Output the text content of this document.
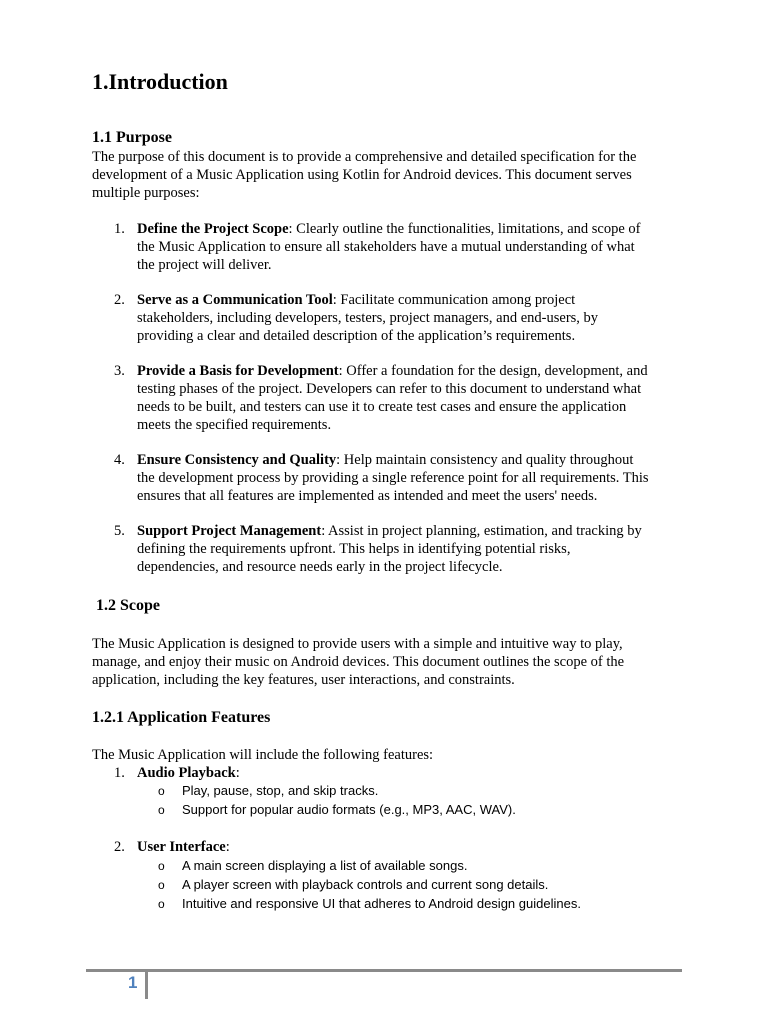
1.Introduction
1.1 Purpose
The purpose of this document is to provide a comprehensive and detailed specification for the
development of a Music Application using Kotlin for Android devices. This document serves
multiple purposes:
1. Define the Project Scope: Clearly outline the functionalities, limitations, and scope of
the Music Application to ensure all stakeholders have a mutual understanding of what
the project will deliver.
2. Serve as a Communication Tool: Facilitate communication among project
stakeholders, including developers, testers, project managers, and end-users, by
providing a clear and detailed description of the application’s requirements.
3. Provide a Basis for Development: Offer a foundation for the design, development, and
testing phases of the project. Developers can refer to this document to understand what
needs to be built, and testers can use it to create test cases and ensure the application
meets the specified requirements.
4. Ensure Consistency and Quality: Help maintain consistency and quality throughout
the development process by providing a single reference point for all requirements. This
ensures that all features are implemented as intended and meet the users' needs.
5. Support Project Management: Assist in project planning, estimation, and tracking by
defining the requirements upfront. This helps in identifying potential risks,
dependencies, and resource needs early in the project lifecycle.
1.2 Scope
The Music Application is designed to provide users with a simple and intuitive way to play,
manage, and enjoy their music on Android devices. This document outlines the scope of the
application, including the key features, user interactions, and constraints.
1.2.1 Application Features
The Music Application will include the following features:
1. Audio Playback:
o Play, pause, stop, and skip tracks.
o Support for popular audio formats (e.g., MP3, AAC, WAV).
2. User Interface:
o A main screen displaying a list of available songs.
o A player screen with playback controls and current song details.
o Intuitive and responsive UI that adheres to Android design guidelines.
1
